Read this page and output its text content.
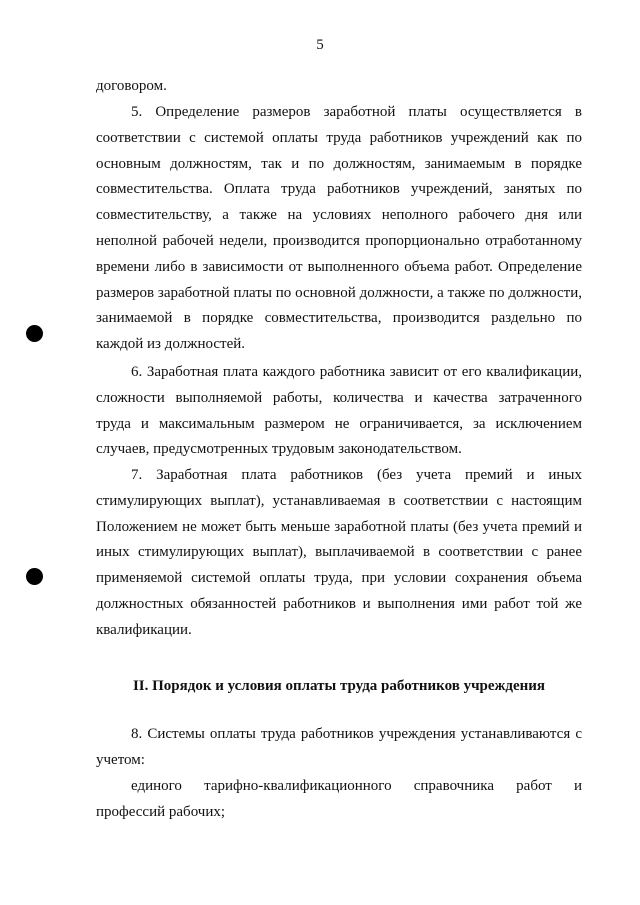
5
договором.
5. Определение размеров заработной платы осуществляется в
соответствии с системой оплаты труда работников учреждений как по
основным должностям, так и по должностям, занимаемым в порядке
совместительства. Оплата труда работников учреждений, занятых по
совместительству, а также на условиях неполного рабочего дня или
неполной рабочей недели, производится пропорционально отработанному
времени либо в зависимости от выполненного объема работ. Определение
размеров заработной платы по основной должности, а также по должности,
занимаемой в порядке совместительства, производится раздельно по
каждой из должностей.
6. Заработная плата каждого работника зависит от его квалификации,
сложности выполняемой работы, количества и качества затраченного
труда и максимальным размером не ограничивается, за исключением
случаев, предусмотренных трудовым законодательством.
7. Заработная плата работников (без учета премий и иных
стимулирующих выплат), устанавливаемая в соответствии с настоящим
Положением не может быть меньше заработной платы (без учета премий и
иных стимулирующих выплат), выплачиваемой в соответствии с ранее
применяемой системой оплаты труда, при условии сохранения объема
должностных обязанностей работников и выполнения ими работ той же
квалификации.
II. Порядок и условия оплаты труда работников учреждения
8. Системы оплаты труда работников учреждения устанавливаются с
учетом:
единого тарифно-квалификационного справочника работ и
профессий рабочих;
